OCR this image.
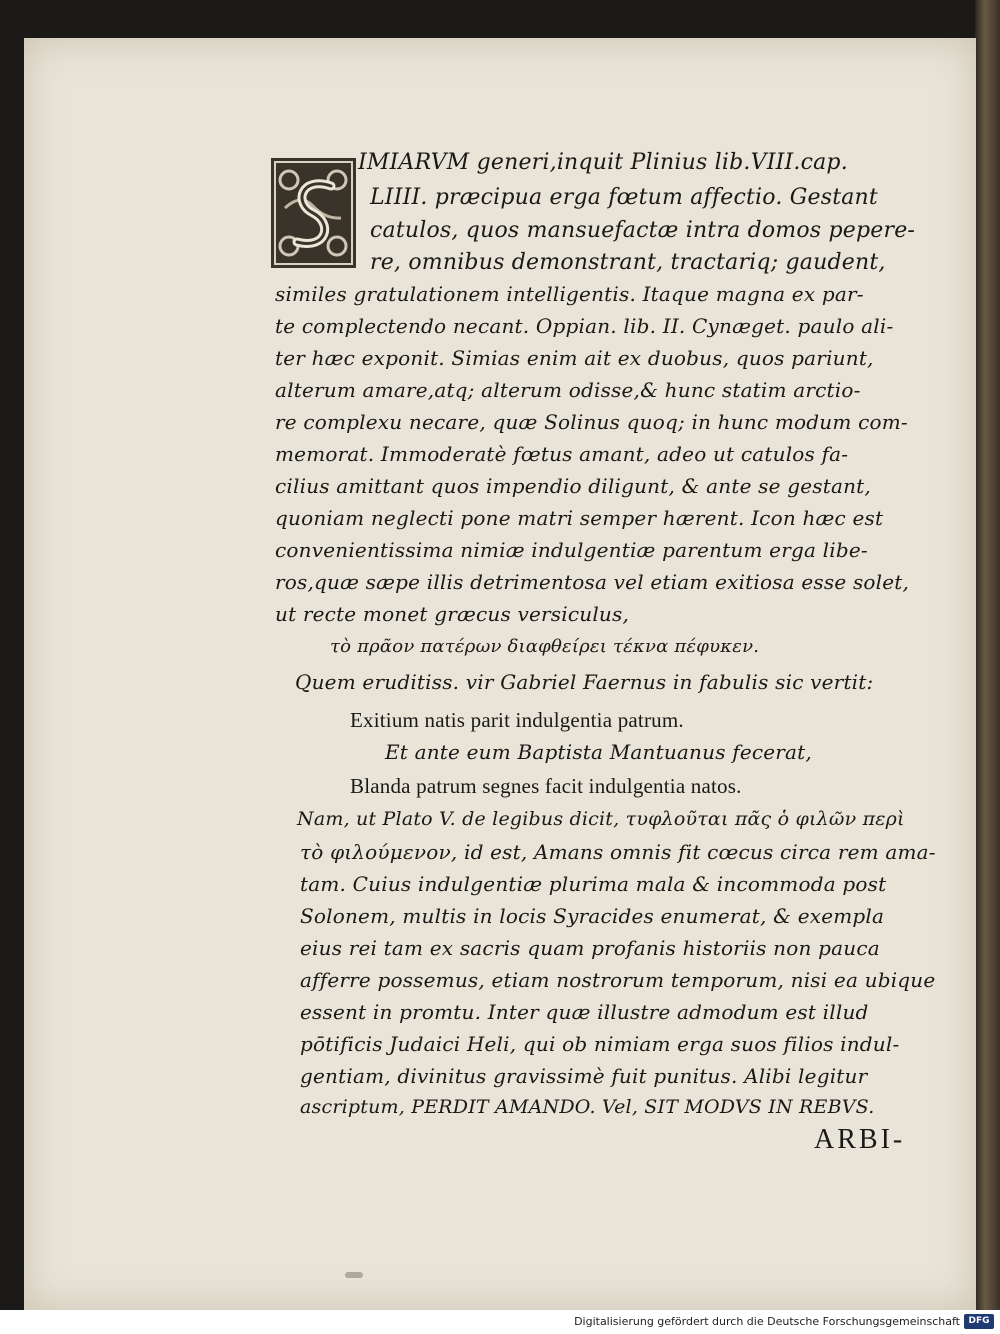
IMIARVM generi,inquit Plinius lib.VIII.cap.
LIIII. præcipua erga fœtum affectio. Gestant
catulos, quos mansuefactæ intra domos pepere-
re, omnibus demonstrant, tractariq; gaudent,
similes gratulationem intelligentis. Itaque magna ex par-
te complectendo necant. Oppian. lib. II. Cynæget. paulo ali-
ter hæc exponit. Simias enim ait ex duobus, quos pariunt,
alterum amare,atq; alterum odisse,& hunc statim arctio-
re complexu necare, quæ Solinus quoq; in hunc modum com-
memorat. Immoderatè fœtus amant, adeo ut catulos fa-
cilius amittant quos impendio diligunt, & ante se gestant,
quoniam neglecti pone matri semper hærent. Icon hæc est
convenientissima nimiæ indulgentiæ parentum erga libe-
ros,quæ sæpe illis detrimentosa vel etiam exitiosa esse solet,
ut recte monet græcus versiculus,
τὸ πρᾶον πατέρων διαφθείρει τέκνα πέφυκεν.
Quem eruditiss. vir Gabriel Faernus in fabulis sic vertit:
Exitium natis parit indulgentia patrum.
Et ante eum Baptista Mantuanus fecerat,
Blanda patrum segnes facit indulgentia natos.
Nam, ut Plato V. de legibus dicit, τυφλοῦται πᾶς ὁ φιλῶν περὶ
τὸ φιλούμενον, id est, Amans omnis fit cœcus circa rem ama-
tam. Cuius indulgentiæ plurima mala & incommoda post
Solonem, multis in locis Syracides enumerat, & exempla
eius rei tam ex sacris quam profanis historiis non pauca
afferre possemus, etiam nostrorum temporum, nisi ea ubique
essent in promtu. Inter quæ illustre admodum est illud
pōtificis Judaici Heli, qui ob nimiam erga suos filios indul-
gentiam, divinitus gravissimè fuit punitus. Alibi legitur
ascriptum, PERDIT AMANDO. Vel, SIT MODVS IN REBVS.
ARBI-
Digitalisierung gefördert durch die Deutsche Forschungsgemeinschaft DFG
